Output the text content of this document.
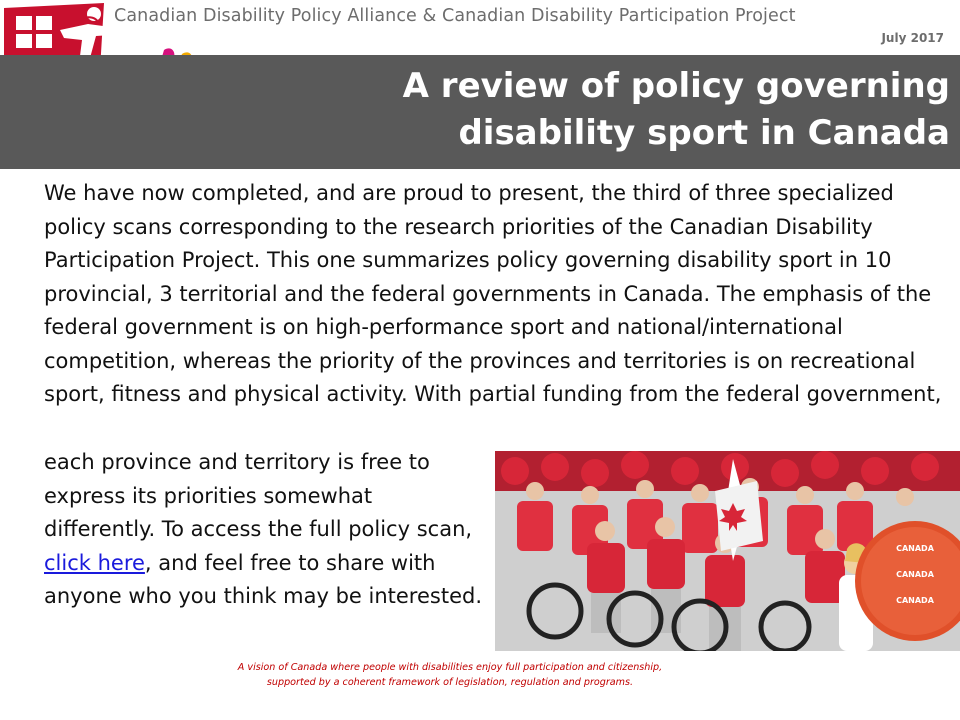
Canadian Disability Policy Alliance & Canadian Disability Participation Project
July 2017
A review of policy governing
disability sport in Canada

We have now completed, and are proud to present, the third of three specialized policy scans corresponding to the research priorities of the Canadian Disability Participation Project. This one summarizes policy governing disability sport in 10 provincial, 3 territorial and the federal governments in Canada. The emphasis of the federal government is on high-performance sport and national/international competition, whereas the priority of the provinces and territories is on recreational sport, fitness and physical activity. With partial funding from the federal government,

each province and territory is free to express its priorities somewhat differently. To access the full policy scan, click here, and feel free to share with anyone who you think may be interested.

CANADA
CANADA
CANADA
A vision of Canada where people with disabilities enjoy full participation and citizenship,
supported by a coherent framework of legislation, regulation and programs.
